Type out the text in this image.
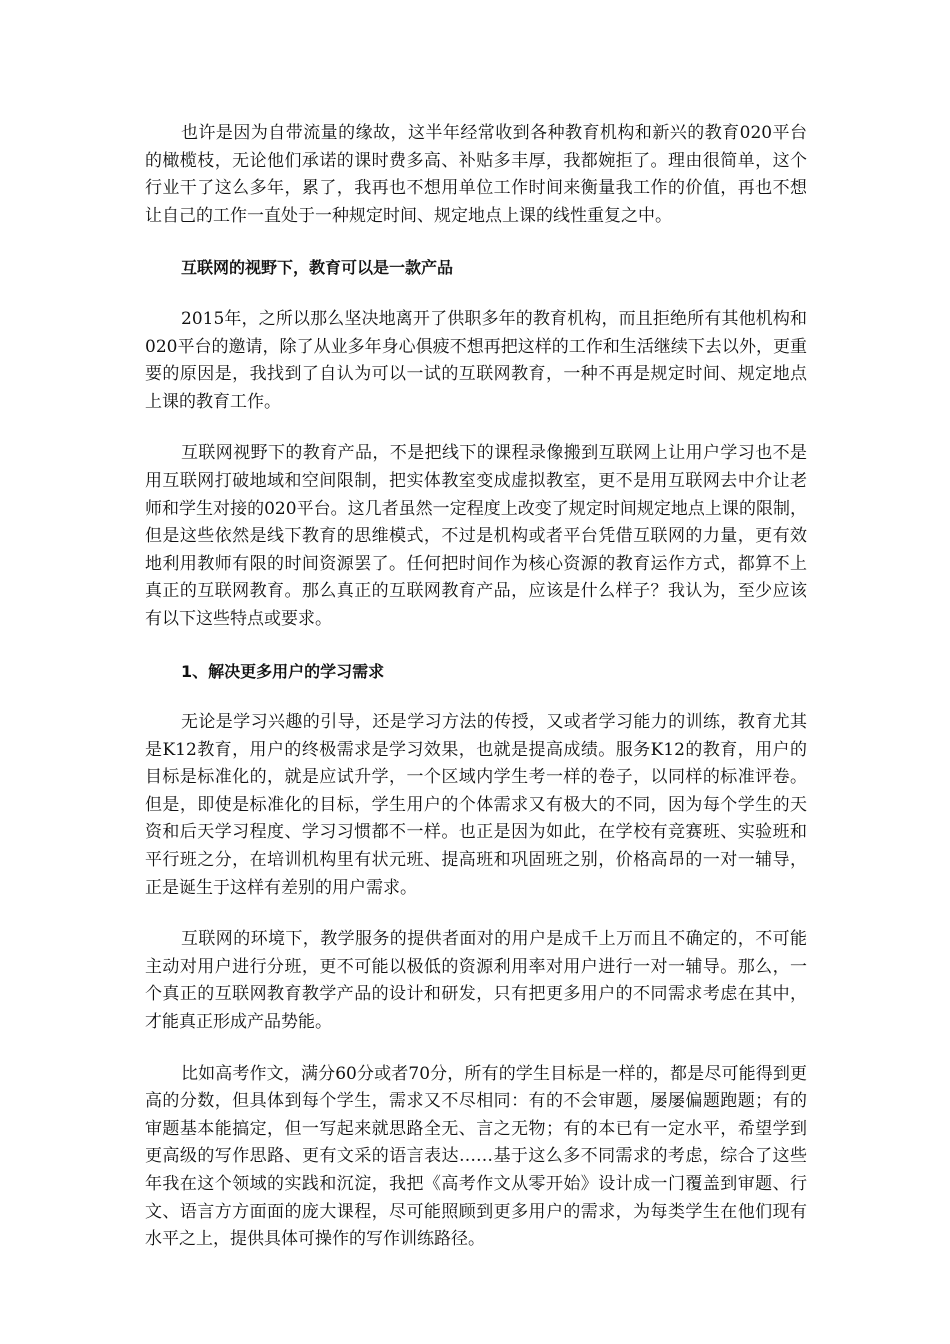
也许是因为自带流量的缘故，这半年经常收到各种教育机构和新兴的教育020平台的橄榄枝，无论他们承诺的课时费多高、补贴多丰厚，我都婉拒了。理由很简单，这个行业干了这么多年，累了，我再也不想用单位工作时间来衡量我工作的价值，再也不想让自己的工作一直处于一种规定时间、规定地点上课的线性重复之中。

互联网的视野下，教育可以是一款产品

2015年，之所以那么坚决地离开了供职多年的教育机构，而且拒绝所有其他机构和020平台的邀请，除了从业多年身心俱疲不想再把这样的工作和生活继续下去以外，更重要的原因是，我找到了自认为可以一试的互联网教育，一种不再是规定时间、规定地点上课的教育工作。

互联网视野下的教育产品，不是把线下的课程录像搬到互联网上让用户学习也不是用互联网打破地域和空间限制，把实体教室变成虚拟教室，更不是用互联网去中介让老师和学生对接的020平台。这几者虽然一定程度上改变了规定时间规定地点上课的限制，但是这些依然是线下教育的思维模式，不过是机构或者平台凭借互联网的力量，更有效地利用教师有限的时间资源罢了。任何把时间作为核心资源的教育运作方式，都算不上真正的互联网教育。那么真正的互联网教育产品，应该是什么样子？我认为，至少应该有以下这些特点或要求。

1、解决更多用户的学习需求

无论是学习兴趣的引导，还是学习方法的传授，又或者学习能力的训练，教育尤其是K12教育，用户的终极需求是学习效果，也就是提高成绩。服务K12的教育，用户的目标是标准化的，就是应试升学，一个区域内学生考一样的卷子，以同样的标准评卷。但是，即使是标准化的目标，学生用户的个体需求又有极大的不同，因为每个学生的天资和后天学习程度、学习习惯都不一样。也正是因为如此，在学校有竞赛班、实验班和平行班之分，在培训机构里有状元班、提高班和巩固班之别，价格高昂的一对一辅导，正是诞生于这样有差别的用户需求。

互联网的环境下，教学服务的提供者面对的用户是成千上万而且不确定的，不可能主动对用户进行分班，更不可能以极低的资源利用率对用户进行一对一辅导。那么，一个真正的互联网教育教学产品的设计和研发，只有把更多用户的不同需求考虑在其中，才能真正形成产品势能。

比如高考作文，满分60分或者70分，所有的学生目标是一样的，都是尽可能得到更高的分数，但具体到每个学生，需求又不尽相同：有的不会审题，屡屡偏题跑题；有的审题基本能搞定，但一写起来就思路全无、言之无物；有的本已有一定水平，希望学到更高级的写作思路、更有文采的语言表达……基于这么多不同需求的考虑，综合了这些年我在这个领域的实践和沉淀，我把《高考作文从零开始》设计成一门覆盖到审题、行文、语言方方面面的庞大课程，尽可能照顾到更多用户的需求，为每类学生在他们现有水平之上，提供具体可操作的写作训练路径。
